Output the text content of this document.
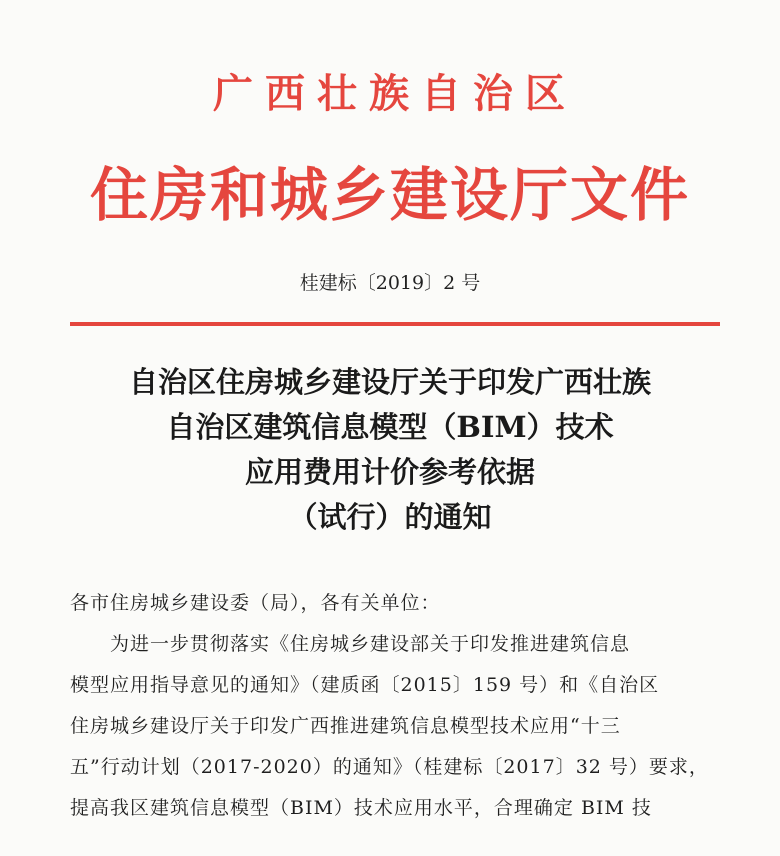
广西壮族自治区
住房和城乡建设厅文件
桂建标〔2019〕2 号
自治区住房城乡建设厅关于印发广西壮族
自治区建筑信息模型（BIM）技术
应用费用计价参考依据
（试行）的通知
各市住房城乡建设委（局），各有关单位：
为进一步贯彻落实《住房城乡建设部关于印发推进建筑信息
模型应用指导意见的通知》（建质函〔2015〕159 号）和《自治区
住房城乡建设厅关于印发广西推进建筑信息模型技术应用“十三
五”行动计划（2017-2020）的通知》（桂建标〔2017〕32 号）要求，
提高我区建筑信息模型（BIM）技术应用水平，合理确定 BIM 技
